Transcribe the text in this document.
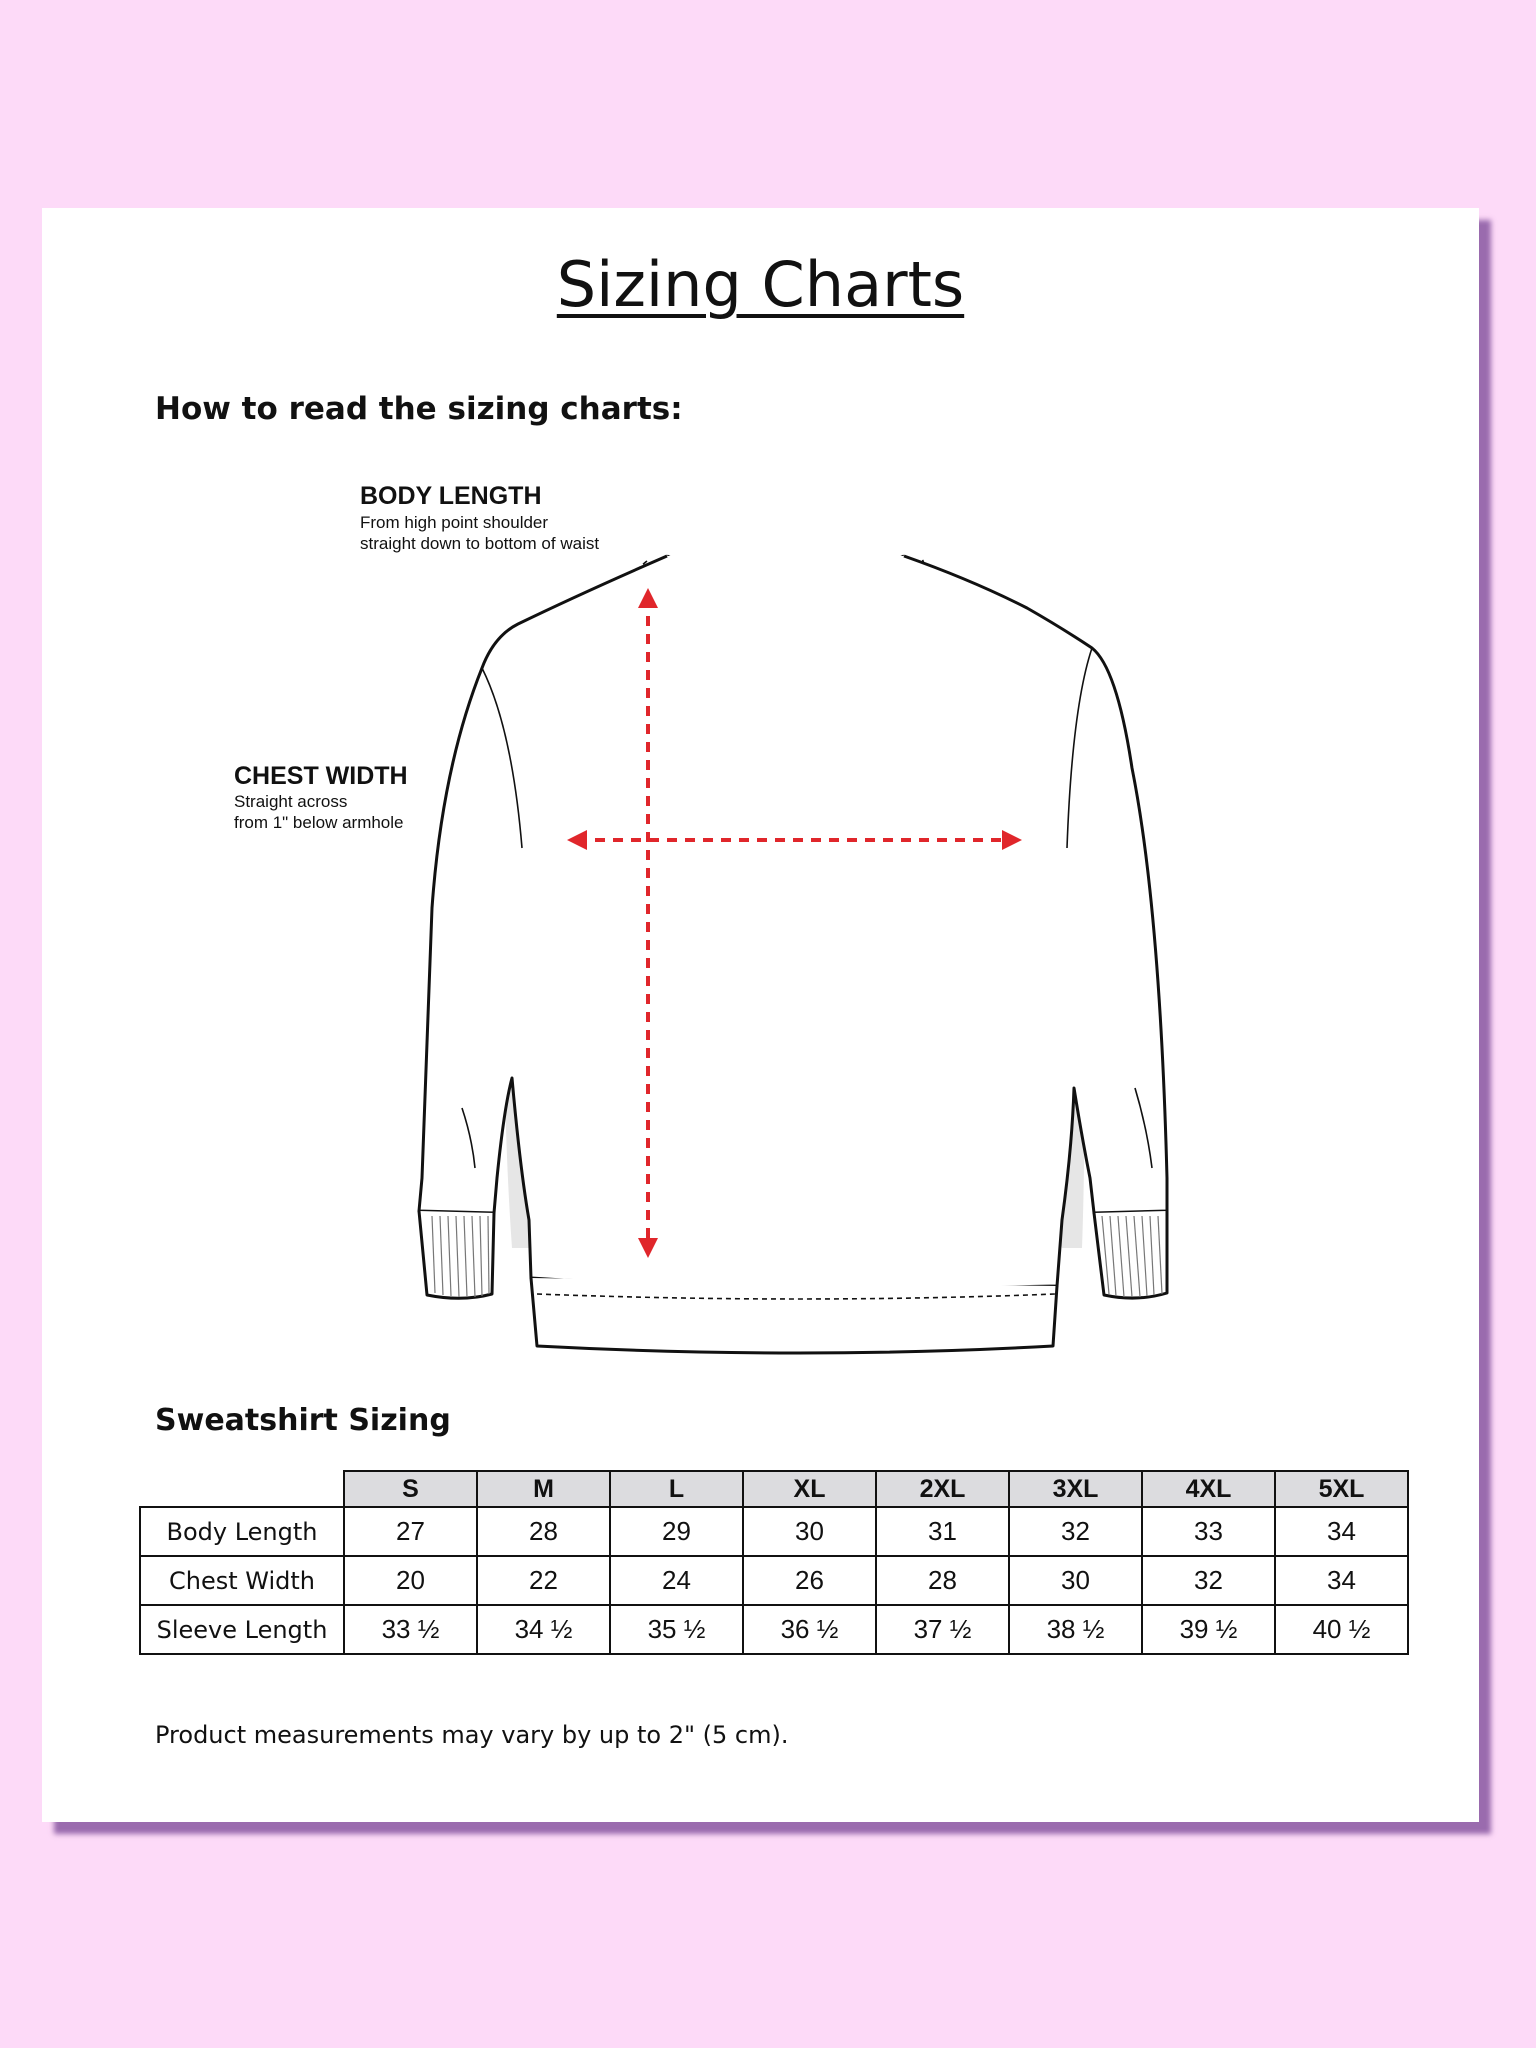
Sizing Charts
How to read the sizing charts:
BODY LENGTH
From high point shoulder
straight down to bottom of waist
CHEST WIDTH
Straight across
from 1" below armhole
Sweatshirt Sizing
	S	M	L	XL	2XL	3XL	4XL	5XL
Body Length	27	28	29	30	31	32	33	34
Chest Width	20	22	24	26	28	30	32	34
Sleeve Length	33 ½	34 ½	35 ½	36 ½	37 ½	38 ½	39 ½	40 ½
Product measurements may vary by up to 2" (5 cm).
